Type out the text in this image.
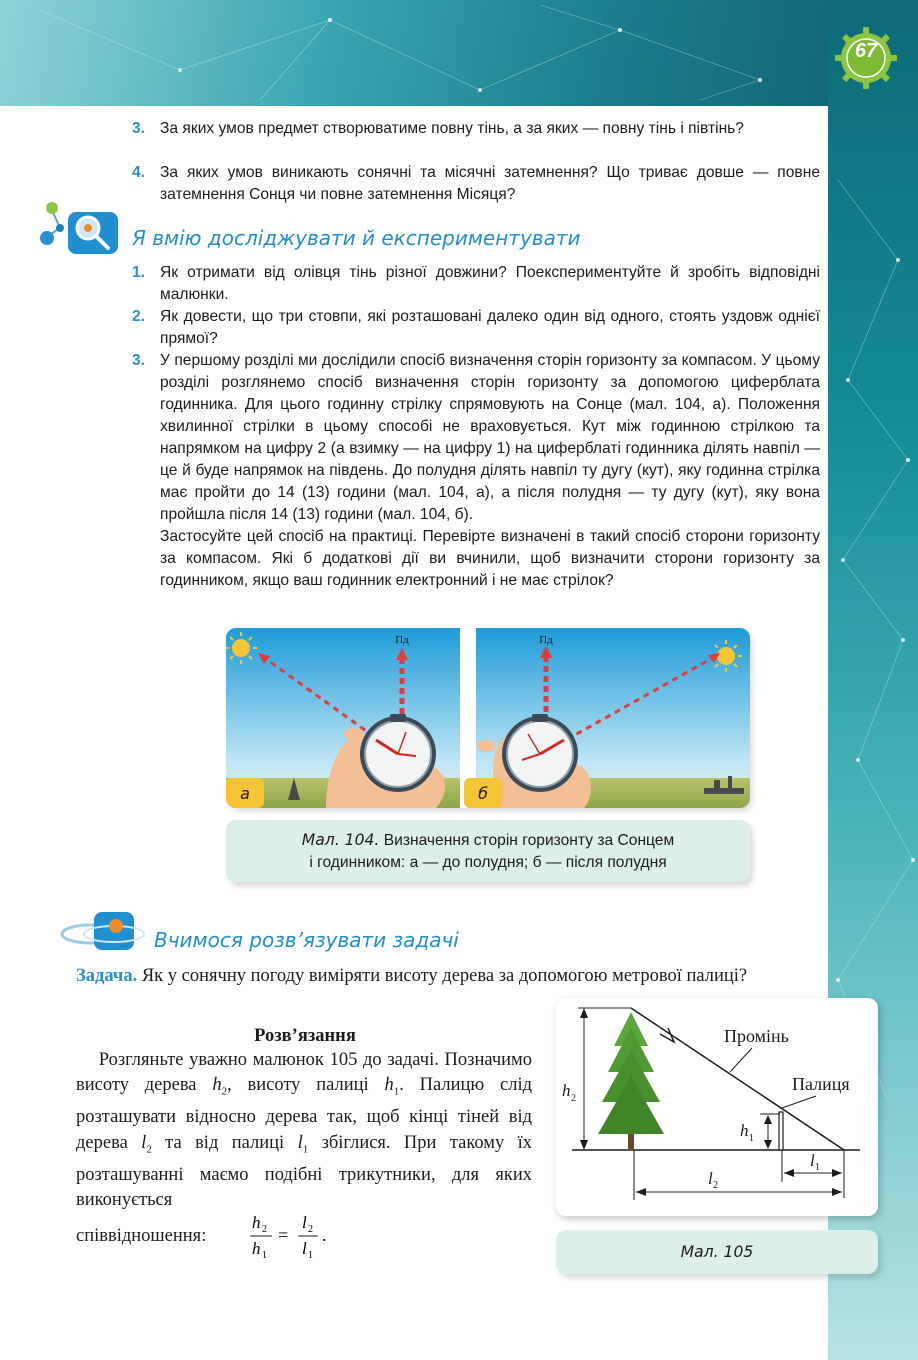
67
3. За яких умов предмет створюватиме повну тінь, а за яких — повну тінь і півтінь?
4. За яких умов виникають сонячні та місячні затемнення? Що триває довше — повне затемнення Сонця чи повне затемнення Місяця?
Я вмію досліджувати й експериментувати
1. Як отримати від олівця тінь різної довжини? Поекспериментуйте й зробіть відповідні малюнки.
2. Як довести, що три стовпи, які розташовані далеко один від одного, стоять уздовж однієї прямої?
3. У першому розділі ми дослідили спосіб визначення сторін горизонту за компасом. У цьому розділі розглянемо спосіб визначення сторін горизонту за допомогою циферблата годинника. Для цього годинну стрілку спрямовують на Сонце (мал. 104, а). Положення хвилинної стрілки в цьому способі не враховується. Кут між годинною стрілкою та напрямком на цифру 2 (а взимку — на цифру 1) на циферблаті годинника ділять навпіл — це й буде напрямок на південь. До полудня ділять навпіл ту дугу (кут), яку годинна стрілка має пройти до 14 (13) години (мал. 104, а), а після полудня — ту дугу (кут), яку вона пройшла після 14 (13) години (мал. 104, б).
Застосуйте цей спосіб на практиці. Перевірте визначені в такий спосіб сторони горизонту за компасом. Які б додаткові дії ви вчинили, щоб визначити сторони горизонту за годинником, якщо ваш годинник електронний і не має стрілок?
Пд	Пд
а	б
Мал. 104. Визначення сторін горизонту за Сонцем
і годинником: а — до полудня; б — після полудня
Вчимося розв’язувати задачі
Задача. Як у сонячну погоду виміряти висоту дерева за допомогою метрової палиці?
Розв’язання
Розгляньте уважно малюнок 105 до задачі. Позначимо висоту дерева $h_2$, висоту палиці $h_1$. Палицю слід розташувати відносно дерева так, щоб кінці тіней від дерева $l_2$ та від палиці $l_1$ збіглися. При такому їх розташуванні маємо подібні трикутники, для яких виконується
співвідношення:
h 2
h 1
=
l 2
l 1
.
Промінь
Палиця
h 2
h 1
l 1
l 2
Мал. 105
